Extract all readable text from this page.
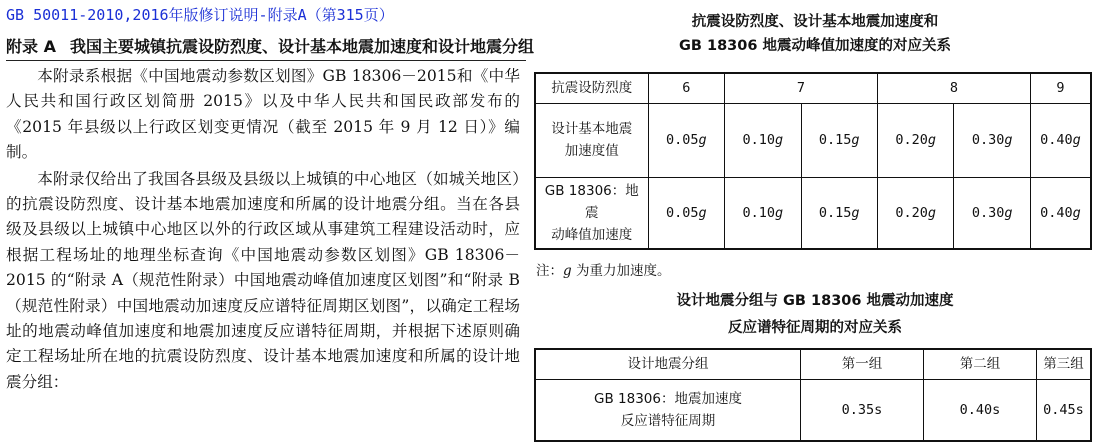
GB 50011-2010,2016年版修订说明-附录A（第315页）
附录 A 我国主要城镇抗震设防烈度、设计基本地震加速度和设计地震分组

本附录系根据《中国地震动参数区划图》GB 18306－2015和《中华人民共和国行政区划简册 2015》以及中华人民共和国民政部发布的《2015 年县级以上行政区划变更情况（截至 2015 年 9 月 12 日）》编制。

本附录仅给出了我国各县级及县级以上城镇的中心地区（如城关地区）的抗震设防烈度、设计基本地震加速度和所属的设计地震分组。当在各县级及县级以上城镇中心地区以外的行政区域从事建筑工程建设活动时，应根据工程场址的地理坐标查询《中国地震动参数区划图》GB 18306－2015 的“附录 A（规范性附录）中国地震动峰值加速度区划图”和“附录 B（规范性附录）中国地震动加速度反应谱特征周期区划图”，以确定工程场址的地震动峰值加速度和地震加速度反应谱特征周期，并根据下述原则确定工程场址所在地的抗震设防烈度、设计基本地震加速度和所属的设计地震分组：

抗震设防烈度、设计基本地震加速度和
GB 18306 地震动峰值加速度的对应关系
抗震设防烈度	6	7		8		9

设计基本地震
加速度值	0.05g	0.10g	0.15g	0.20g	0.30g	0.40g

GB 18306：地震
动峰值加速度	0.05g	0.10g	0.15g	0.20g	0.30g	0.40g
注：g 为重力加速度。
设计地震分组与 GB 18306 地震动加速度
反应谱特征周期的对应关系
设计地震分组	第一组	第二组	第三组

GB 18306：地震加速度
反应谱特征周期	0.35s	0.40s	0.45s
